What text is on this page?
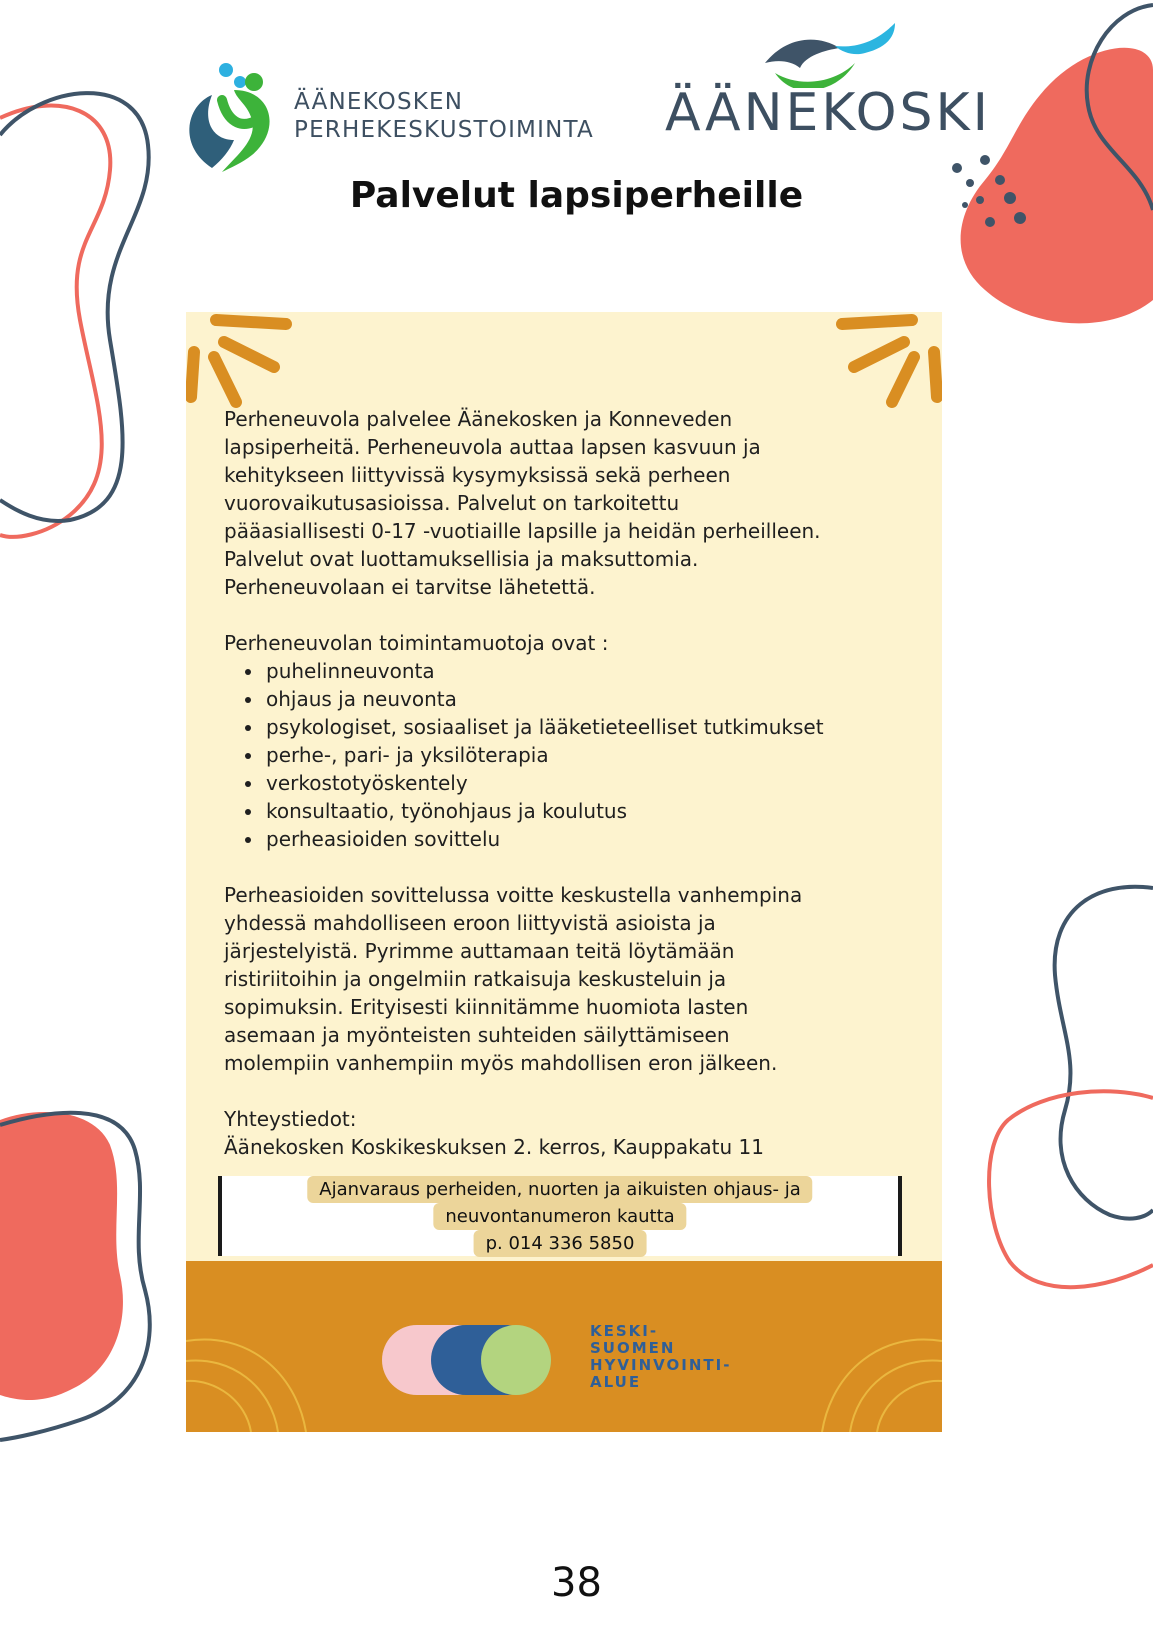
ÄÄNEKOSKEN
PERHEKESKUSTOIMINTA ÄÄNEKOSKI
Palvelut lapsiperheille

Perheneuvola palvelee Äänekosken ja Konneveden
lapsiperheitä. Perheneuvola auttaa lapsen kasvuun ja
kehitykseen liittyvissä kysymyksissä sekä perheen
vuorovaikutusasioissa. Palvelut on tarkoitettu
pääasiallisesti 0-17 -vuotiaille lapsille ja heidän perheilleen.
Palvelut ovat luottamuksellisia ja maksuttomia.
Perheneuvolaan ei tarvitse lähetettä.

Perheneuvolan toimintamuotoja ovat :

• puhelinneuvonta
• ohjaus ja neuvonta
• psykologiset, sosiaaliset ja lääketieteelliset tutkimukset
• perhe-, pari- ja yksilöterapia
• verkostotyöskentely
• konsultaatio, työnohjaus ja koulutus
• perheasioiden sovittelu

Perheasioiden sovittelussa voitte keskustella vanhempina
yhdessä mahdolliseen eroon liittyvistä asioista ja
järjestelyistä. Pyrimme auttamaan teitä löytämään
ristiriitoihin ja ongelmiin ratkaisuja keskusteluin ja
sopimuksin. Erityisesti kiinnitämme huomiota lasten
asemaan ja myönteisten suhteiden säilyttämiseen
molempiin vanhempiin myös mahdollisen eron jälkeen.

Yhteystiedot:

Äänekosken Koskikeskuksen 2. kerros, Kauppakatu 11

Ajanvaraus perheiden, nuorten ja aikuisten ohjaus- ja
neuvontanumeron kautta
p. 014 336 5850
KESKI-
SUOMEN
HYVINVOINTI-
ALUE
38
